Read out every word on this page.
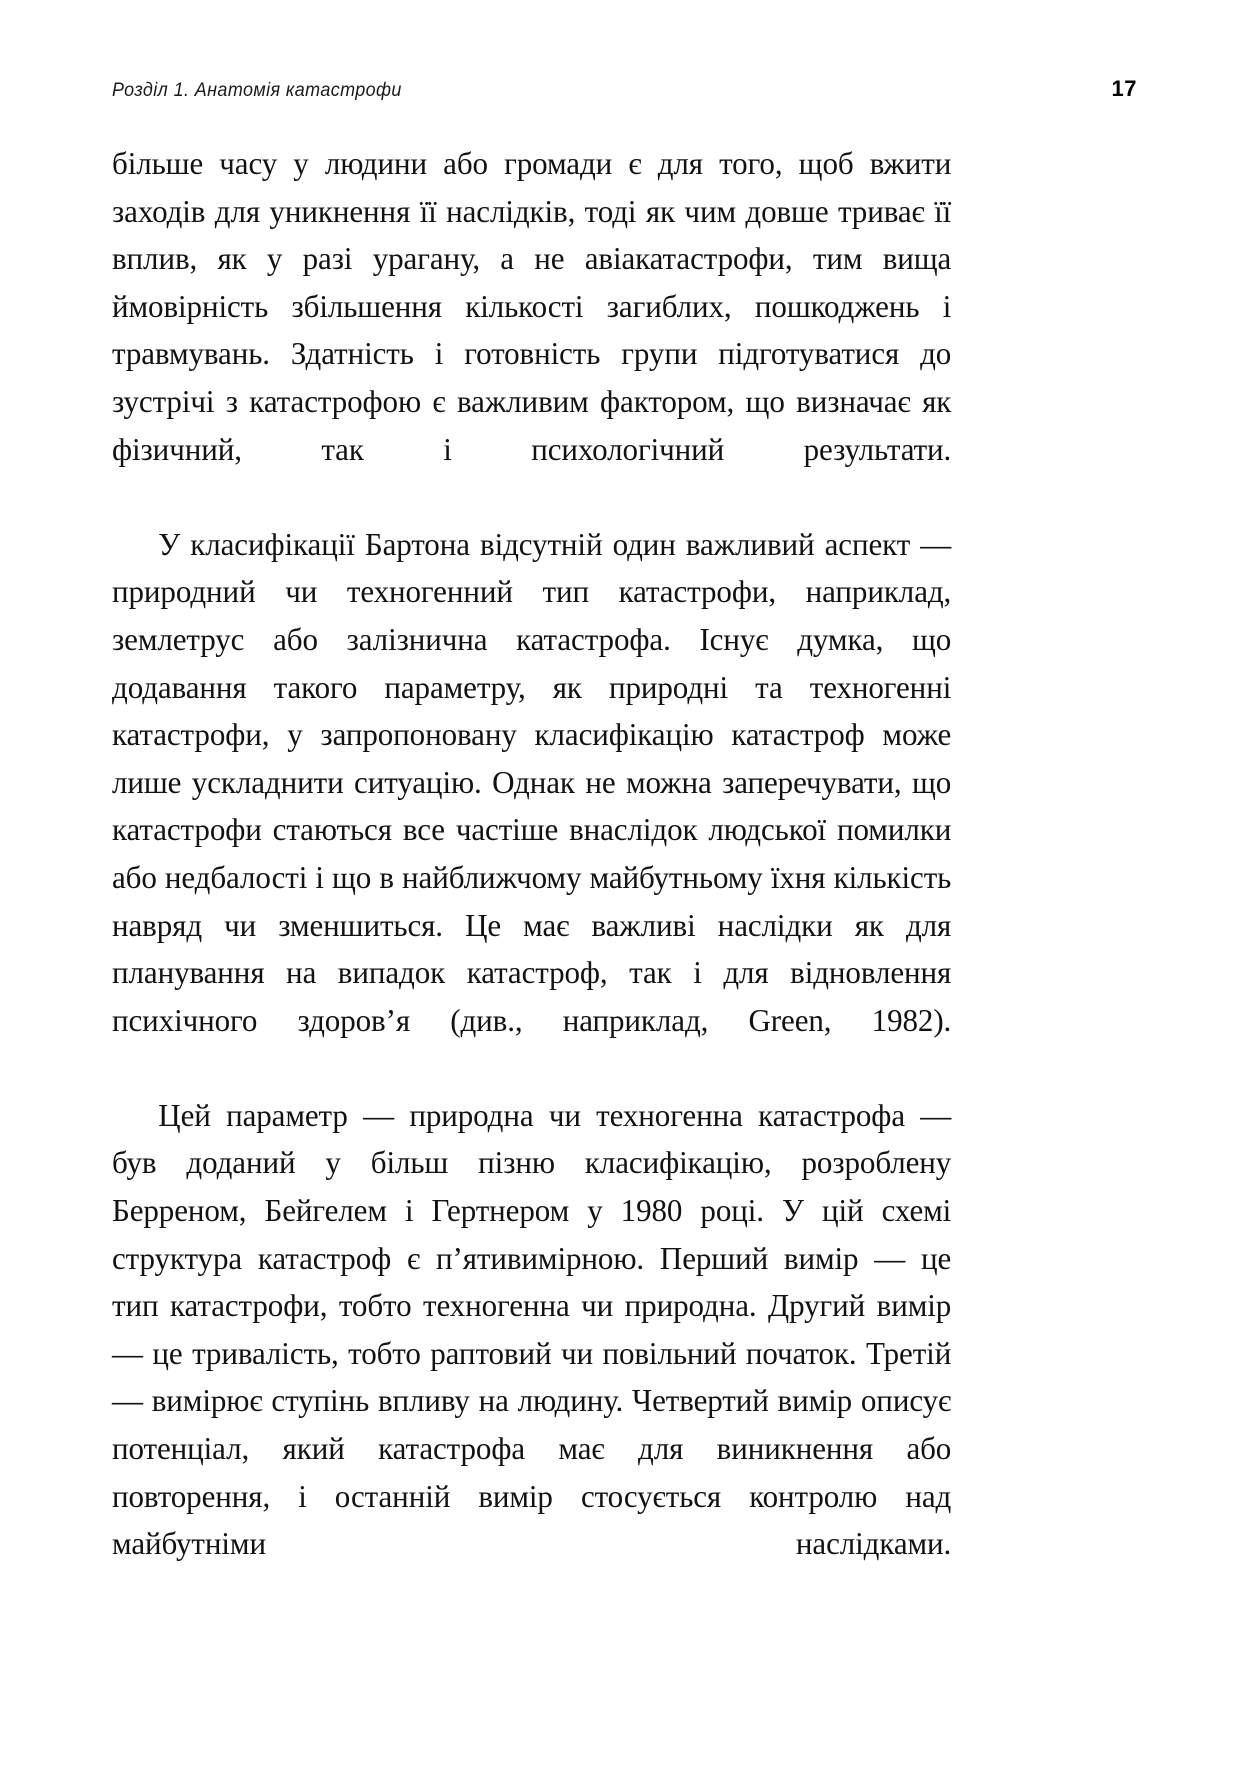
Розділ 1. Анатомія катастрофи	17

більше часу у людини або громади є для того, щоб вжити заходів для уникнення її наслідків, тоді як чим довше триває її вплив, як у разі урагану, а не авіакатастрофи, тим вища ймовірність збільшення кількості загиблих, пошкоджень і травмувань. Здатність і готовність групи підготуватися до зустрічі з катастрофою є важливим фактором, що визначає як фізичний, так і психологічний результати.

У класифікації Бартона відсутній один важливий аспект — природний чи техногенний тип катастрофи, наприклад, землетрус або залізнична катастрофа. Існує думка, що додавання такого параметру, як природні та техногенні катастрофи, у запропоновану класифікацію катастроф може лише ускладнити ситуацію. Однак не можна заперечувати, що катастрофи стаються все частіше внаслідок людської помилки або недбалості і що в найближчому майбутньому їхня кількість навряд чи зменшиться. Це має важливі наслідки як для планування на випадок катастроф, так і для відновлення психічного здоров’я (див., наприклад, Green, 1982).

Цей параметр — природна чи техногенна катастрофа — був доданий у більш пізню класифікацію, розроблену Берреном, Бейгелем і Гертнером у 1980 році. У цій схемі структура катастроф є п’ятивимірною. Перший вимір — це тип катастрофи, тобто техногенна чи природна. Другий вимір — це тривалість, тобто раптовий чи повільний початок. Третій — вимірює ступінь впливу на людину. Четвертий вимір описує потенціал, який катастрофа має для виникнення або повторення, і останній вимір стосується контролю над майбутніми наслідками.
